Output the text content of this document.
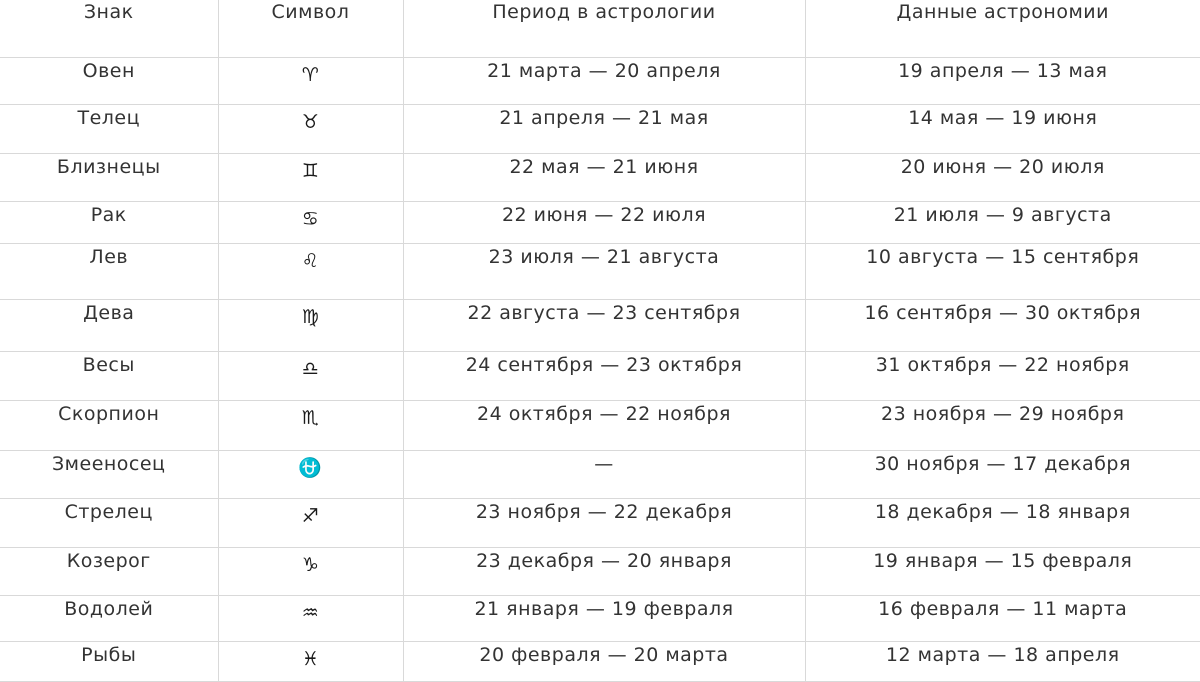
Знак	Символ	Период в астрологии	Данные астрономии
Овен	♈	21 марта — 20 апреля	19 апреля — 13 мая
Телец	♉	21 апреля — 21 мая	14 мая — 19 июня
Близнецы	♊	22 мая — 21 июня	20 июня — 20 июля
Рак	♋	22 июня — 22 июля	21 июля — 9 августа
Лев	♌	23 июля — 21 августа	10 августа — 15 сентября
Дева	♍	22 августа — 23 сентября	16 сентября — 30 октября
Весы	♎	24 сентября — 23 октября	31 октября — 22 ноября
Скорпион	♏	24 октября — 22 ноября	23 ноября — 29 ноября
Змееносец	⛎	—	30 ноября — 17 декабря
Стрелец	♐	23 ноября — 22 декабря	18 декабря — 18 января
Козерог	♑	23 декабря — 20 января	19 января — 15 февраля
Водолей	♒	21 января — 19 февраля	16 февраля — 11 марта
Рыбы	♓	20 февраля — 20 марта	12 марта — 18 апреля
